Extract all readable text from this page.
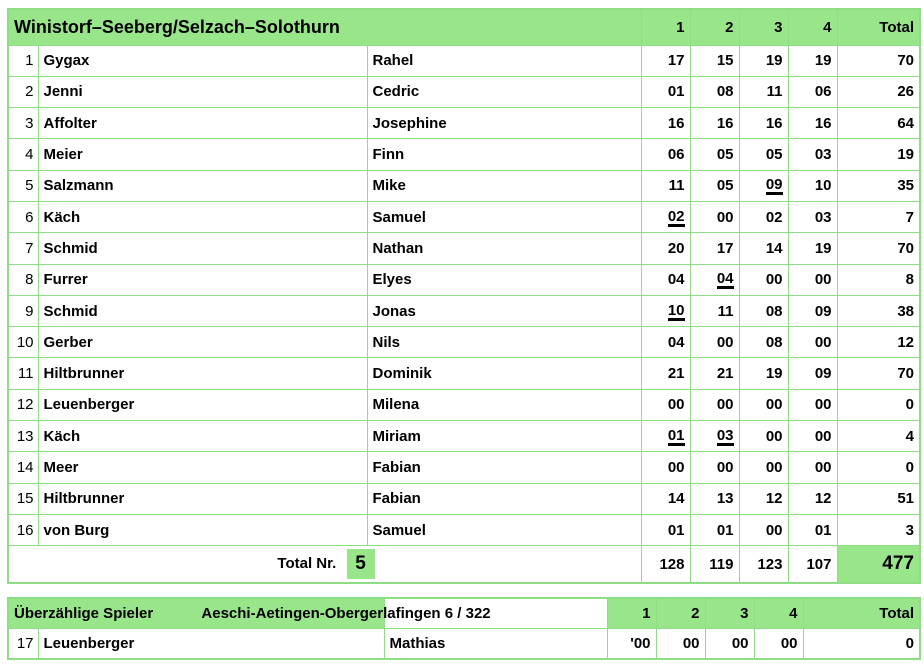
Winistorf–Seeberg/Selzach–Solothurn			1	2	3	4	Total
1	Gygax	Rahel	17	15	19	19	70
2	Jenni	Cedric	01	08	11	06	26
3	Affolter	Josephine	16	16	16	16	64
4	Meier	Finn	06	05	05	03	19
5	Salzmann	Mike	11	05	09	10	35
6	Käch	Samuel	02	00	02	03	7
7	Schmid	Nathan	20	17	14	19	70
8	Furrer	Elyes	04	04	00	00	8
9	Schmid	Jonas	10	11	08	09	38
10	Gerber	Nils	04	00	08	00	12
11	Hiltbrunner	Dominik	21	21	19	09	70
12	Leuenberger	Milena	00	00	00	00	0
13	Käch	Miriam	01	03	00	00	4
14	Meer	Fabian	00	00	00	00	0
15	Hiltbrunner	Fabian	14	13	12	12	51
16	von Burg	Samuel	01	01	00	01	3
Total Nr. 5			128	119	123	107	477
Überzählige Spieler Aeschi-Aetingen-Obergerlafingen 6 / 322			1	2	3	4	Total
17	Leuenberger	Mathias	'00	00	00	00	0
